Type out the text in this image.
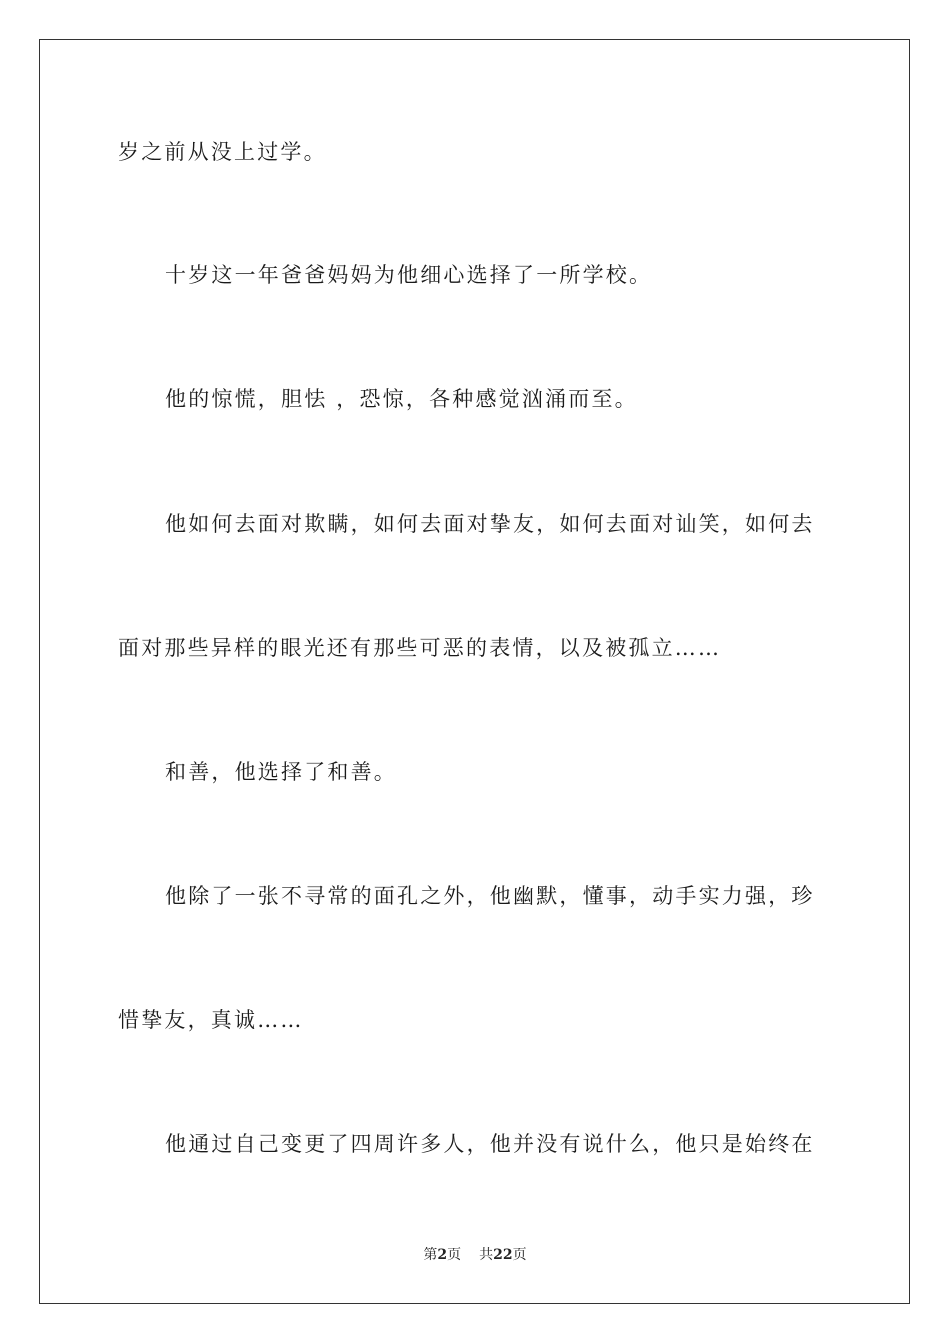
岁之前从没上过学。
十岁这一年爸爸妈妈为他细心选择了一所学校。
他的惊慌，胆怯 ，恐惊，各种感觉汹涌而至。
他如何去面对欺瞒，如何去面对挚友，如何去面对讪笑，如何去
面对那些异样的眼光还有那些可恶的表情，以及被孤立……
和善，他选择了和善。
他除了一张不寻常的面孔之外，他幽默，懂事，动手实力强，珍
惜挚友，真诚……
他通过自己变更了四周许多人，他并没有说什么，他只是始终在
第2页 共22页
